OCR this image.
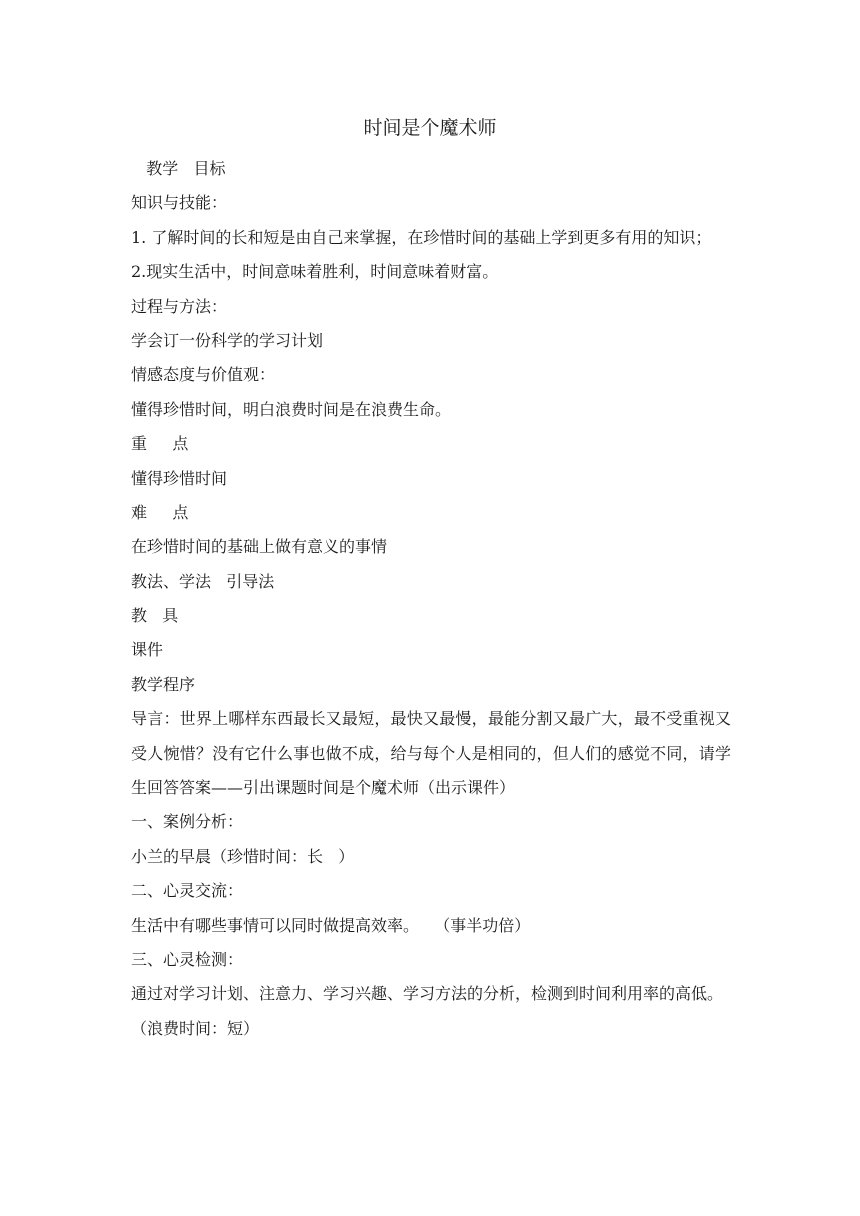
时间是个魔术师
教学   目标
知识与技能：
1. 了解时间的长和短是由自己来掌握，在珍惜时间的基础上学到更多有用的知识；
2.现实生活中，时间意味着胜利，时间意味着财富。
过程与方法：
学会订一份科学的学习计划
情感态度与价值观：
懂得珍惜时间，明白浪费时间是在浪费生命。
重     点
懂得珍惜时间
难     点
在珍惜时间的基础上做有意义的事情
教法、学法   引导法
教   具
课件
教学程序
导言：世界上哪样东西最长又最短，最快又最慢，最能分割又最广大，最不受重视又受人惋惜？没有它什么事也做不成，给与每个人是相同的，但人们的感觉不同，请学生回答答案——引出课题时间是个魔术师（出示课件）
一、案例分析：
小兰的早晨（珍惜时间：长   ）
二、心灵交流：
生活中有哪些事情可以同时做提高效率。   （事半功倍）
三、心灵检测：
通过对学习计划、注意力、学习兴趣、学习方法的分析，检测到时间利用率的高低。
（浪费时间：短）
